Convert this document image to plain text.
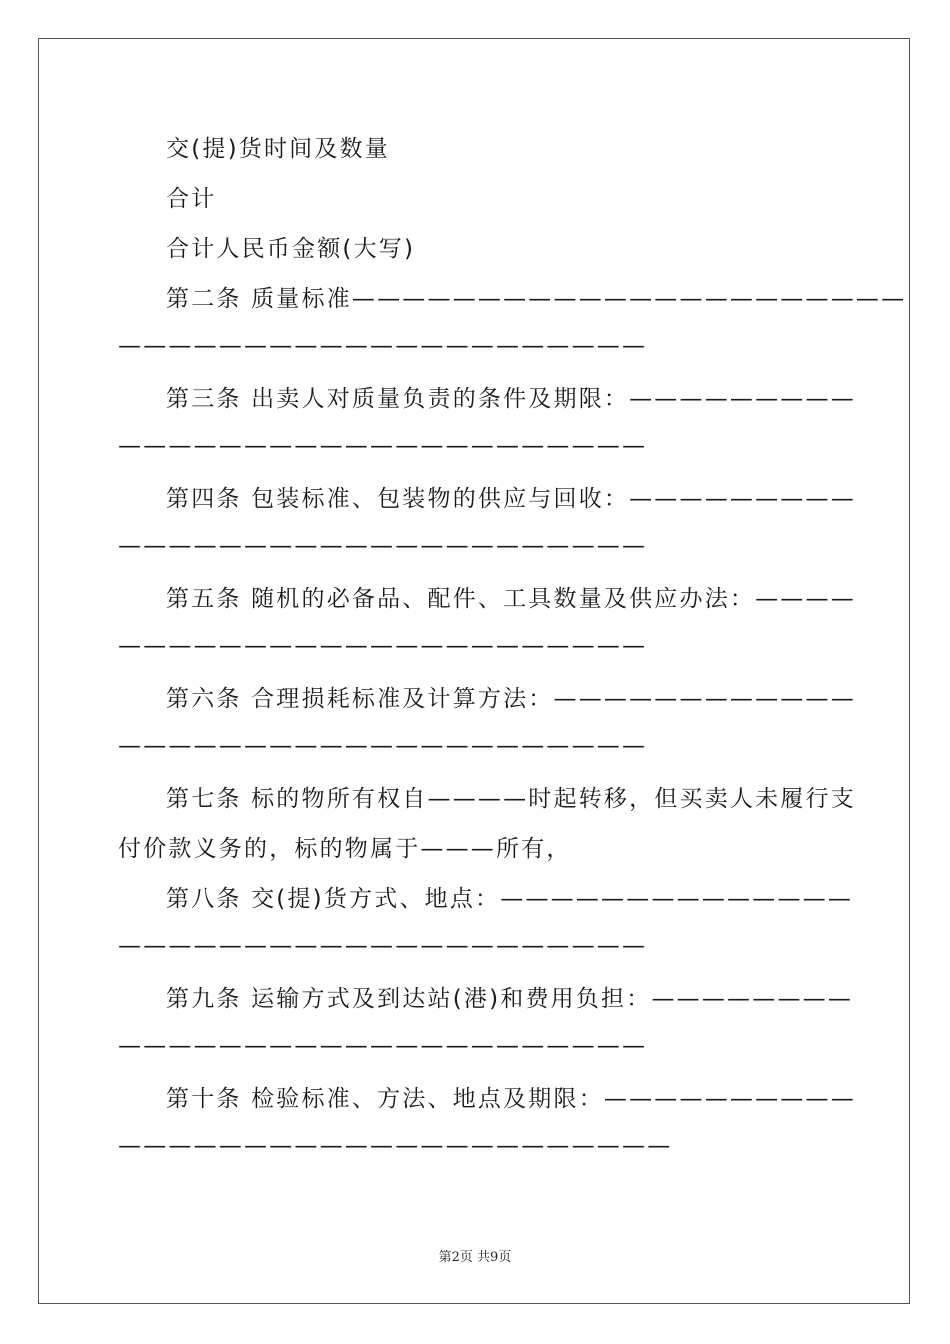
交(提)货时间及数量
合计
合计人民币金额(大写)
第二条 质量标准——————————————————————
—————————————————————
第三条 出卖人对质量负责的条件及期限：—————————
—————————————————————
第四条 包装标准、包装物的供应与回收：—————————
—————————————————————
第五条 随机的必备品、配件、工具数量及供应办法：————
—————————————————————
第六条 合理损耗标准及计算方法：————————————
—————————————————————
第七条 标的物所有权自————时起转移，但买卖人未履行支
付价款义务的，标的物属于———所有，
第八条 交(提)货方式、地点：——————————————
—————————————————————
第九条 运输方式及到达站(港)和费用负担：————————
—————————————————————
第十条 检验标准、方法、地点及期限：——————————
——————————————————————
第2页 共9页
